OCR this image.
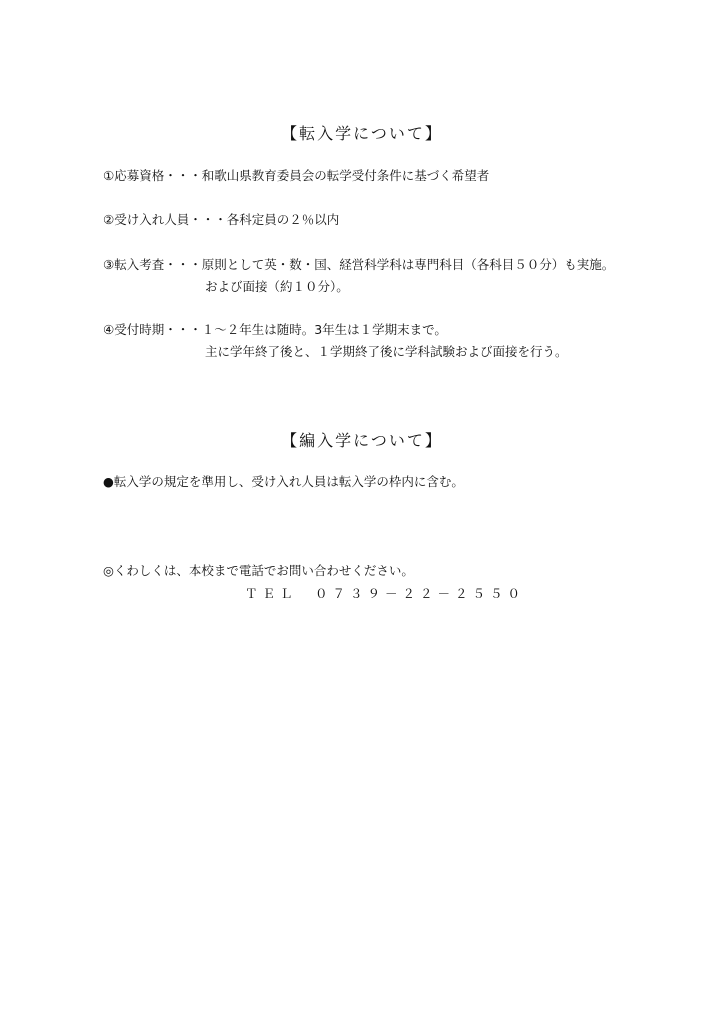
【転入学について】
①応募資格・・・和歌山県教育委員会の転学受付条件に基づく希望者
②受け入れ人員・・・各科定員の２％以内
③転入考査・・・原則として英・数・国、経営科学科は専門科目（各科目５０分）も実施。
および面接（約１０分）。
④受付時期・・・１～２年生は随時。3年生は１学期末まで。
主に学年終了後と、１学期終了後に学科試験および面接を行う。
【編入学について】
●転入学の規定を準用し、受け入れ人員は転入学の枠内に含む。
◎くわしくは、本校まで電話でお問い合わせください。
ＴＥＬ　０７３９－２２－２５５０
